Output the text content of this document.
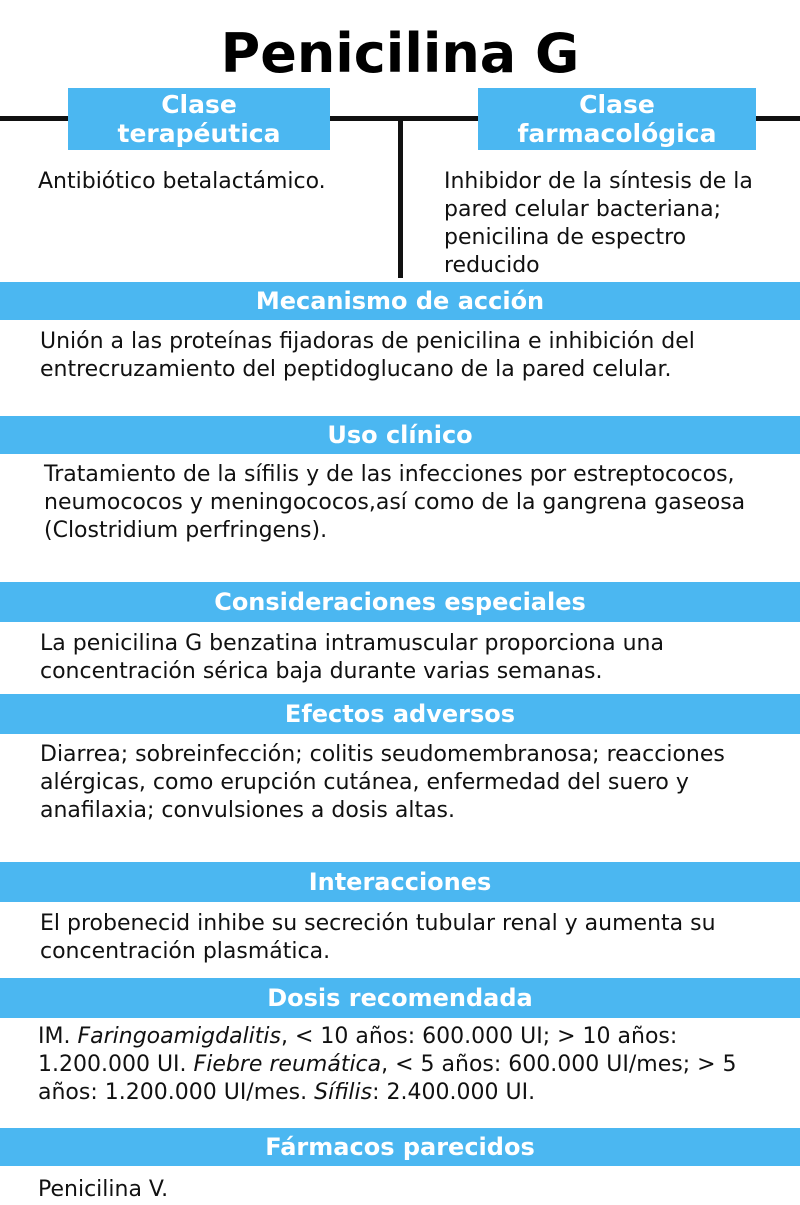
Penicilina G
Clase
terapéutica
Clase
farmacológica
Antibiótico betalactámico.	Inhibidor de la síntesis de la pared celular bacteriana; penicilina de espectro reducido
Mecanismo de acción
Unión a las proteínas fijadoras de penicilina e inhibición del entrecruzamiento del peptidoglucano de la pared celular.
Uso clínico
Tratamiento de la sífilis y de las infecciones por estreptococos, neumococos y meningococos,así como de la gangrena gaseosa (Clostridium perfringens).
Consideraciones especiales
La penicilina G benzatina intramuscular proporciona una concentración sérica baja durante varias semanas.
Efectos adversos
Diarrea; sobreinfección; colitis seudomembranosa; reacciones alérgicas, como erupción cutánea, enfermedad del suero y anafilaxia; convulsiones a dosis altas.
Interacciones
El probenecid inhibe su secreción tubular renal y aumenta su concentración plasmática.
Dosis recomendada
IM. Faringoamigdalitis, < 10 años: 600.000 UI; > 10 años: 1.200.000 UI. Fiebre reumática, < 5 años: 600.000 UI/mes; > 5 años: 1.200.000 UI/mes. Sífilis: 2.400.000 UI.
Fármacos parecidos
Penicilina V.
